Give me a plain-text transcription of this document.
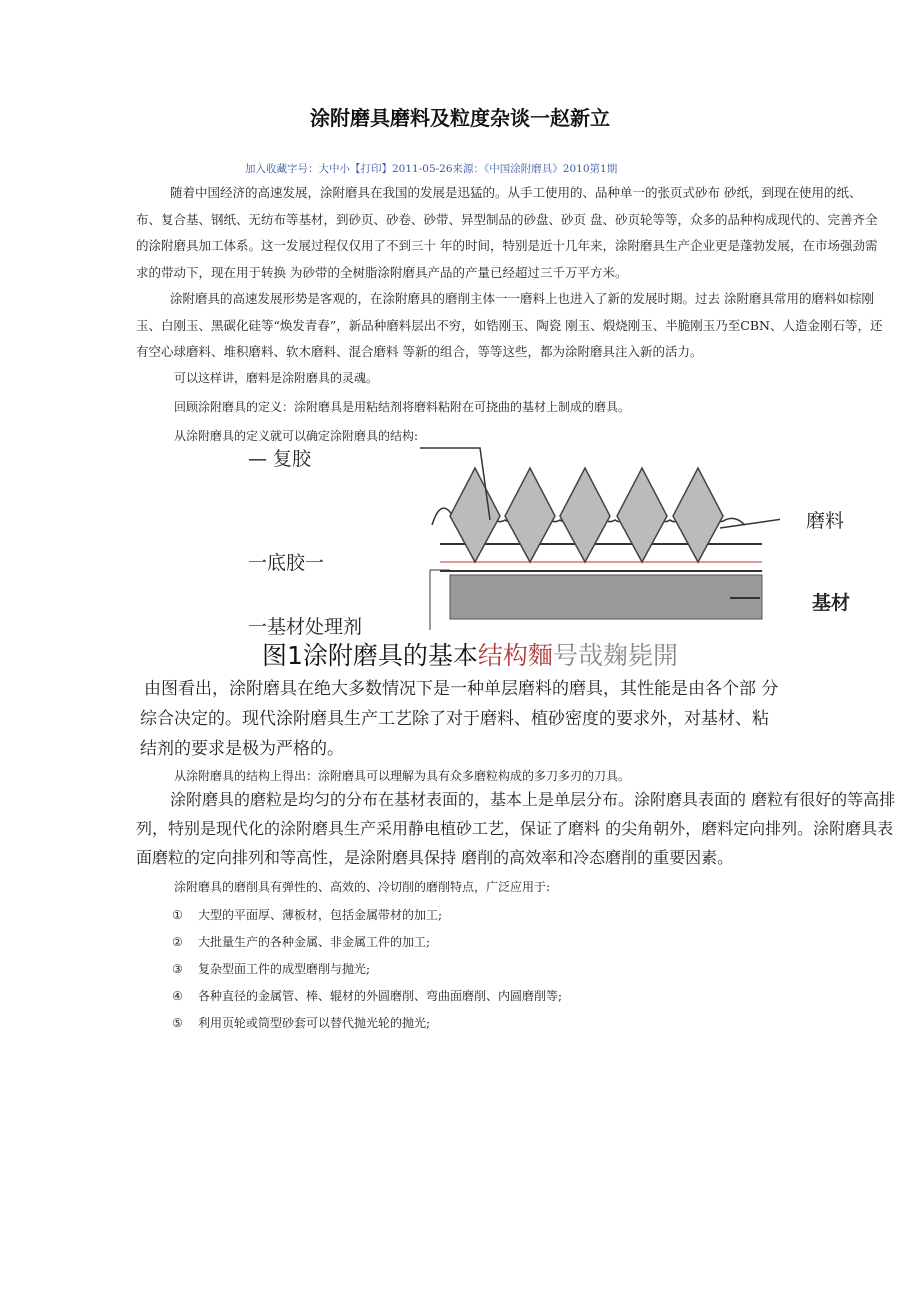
涂附磨具磨料及粒度杂谈一赵新立
加入收藏字号：大中小【打印】2011-05-26来源：《中国涂附磨具》2010第1期
随着中国经济的高速发展，涂附磨具在我国的发展是迅猛的。从手工使用的、品种单一的张页式砂布 砂纸，到现在使用的纸、布、复合基、钢纸、无纺布等基材，到砂页、砂卷、砂带、异型制品的砂盘、砂页 盘、砂页轮等等，众多的品种构成现代的、完善齐全的涂附磨具加工体系。这一发展过程仅仅用了不到三十 年的时间，特别是近十几年来，涂附磨具生产企业更是蓬勃发展，在市场强劲需求的带动下，现在用于转换 为砂带的全树脂涂附磨具产品的产量已经超过三千万平方米。
涂附磨具的高速发展形势是客观的，在涂附磨具的磨削主体一一磨料上也进入了新的发展时期。过去 涂附磨具常用的磨料如棕刚玉、白刚玉、黑碳化硅等“焕发青春”，新品种磨料层出不穷，如锆刚玉、陶瓷 刚玉、煅烧刚玉、半脆刚玉乃至CBN、人造金刚石等，还有空心球磨料、堆积磨料、软木磨料、混合磨料 等新的组合，等等这些，都为涂附磨具注入新的活力。
可以这样讲，磨料是涂附磨具的灵魂。
回顾涂附磨具的定义：涂附磨具是用粘结剂将磨料粘附在可挠曲的基材上制成的磨具。
从涂附磨具的定义就可以确定涂附磨具的结构:
— 复胶
一底胶一
一基材处理剂
磨料
基材
图1涂附磨具的基本结构麵号哉麹毙開
由图看出，涂附磨具在绝大多数情况下是一种单层磨料的磨具，其性能是由各个部 分 综合决定的。现代涂附磨具生产工艺除了对于磨料、植砂密度的要求外，对基材、粘结剂的要求是极为严格的。
从涂附磨具的结构上得出：涂附磨具可以理解为具有众多磨粒构成的多刀多刃的刀具。
涂附磨具的磨粒是均匀的分布在基材表面的，基本上是单层分布。涂附磨具表面的 磨粒有很好的等高排列，特别是现代化的涂附磨具生产采用静电植砂工艺，保证了磨料 的尖角朝外，磨料定向排列。涂附磨具表面磨粒的定向排列和等高性，是涂附磨具保持 磨削的高效率和冷态磨削的重要因素。
涂附磨具的磨削具有弹性的、高效的、冷切削的磨削特点，广泛应用于:
① 大型的平面厚、薄板材，包括金属带材的加工;
② 大批量生产的各种金属、非金属工件的加工;
③ 复杂型面工件的成型磨削与抛光;
④ 各种直径的金属管、棒、辊材的外圆磨削、弯曲面磨削、内圆磨削等;
⑤ 利用页轮或筒型砂套可以替代抛光轮的抛光;
